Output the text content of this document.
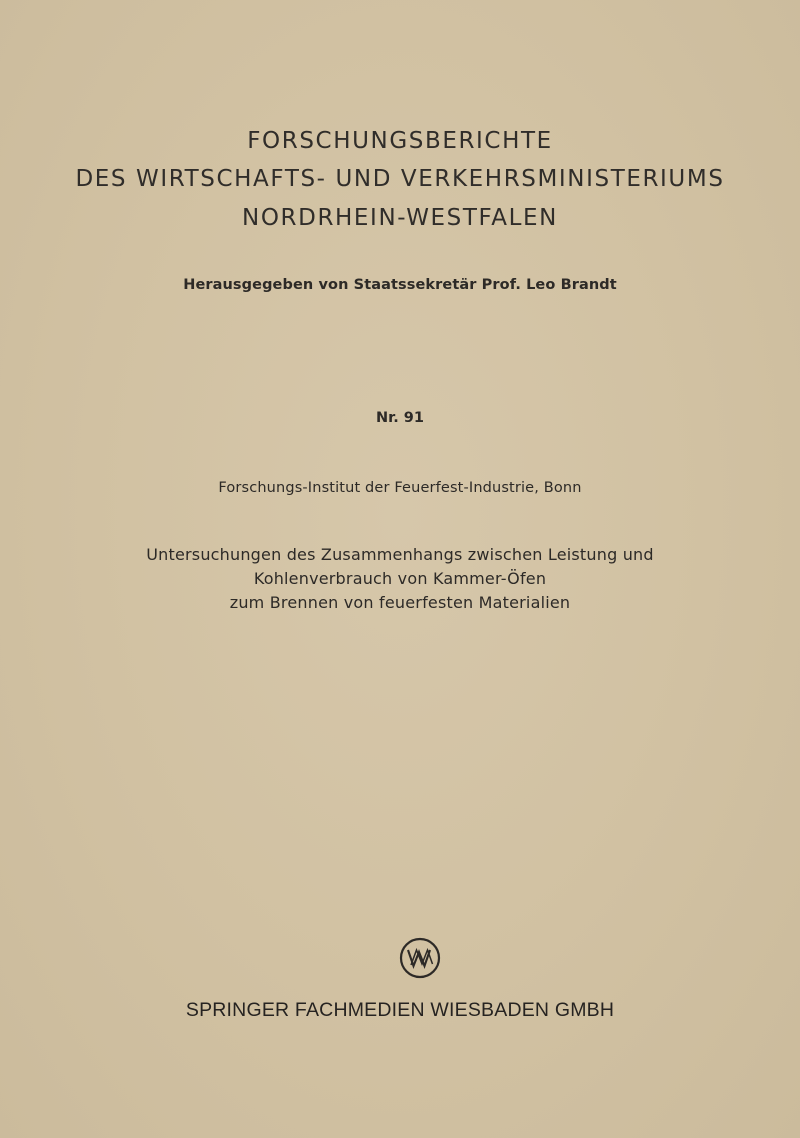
FORSCHUNGSBERICHTE
DES WIRTSCHAFTS- UND VERKEHRSMINISTERIUMS
NORDRHEIN-WESTFALEN
Herausgegeben von Staatssekretär Prof. Leo Brandt
Nr. 91
Forschungs-Institut der Feuerfest-Industrie, Bonn
Untersuchungen des Zusammenhangs zwischen Leistung und
Kohlenverbrauch von Kammer-Öfen
zum Brennen von feuerfesten Materialien
SPRINGER FACHMEDIEN WIESBADEN GMBH
